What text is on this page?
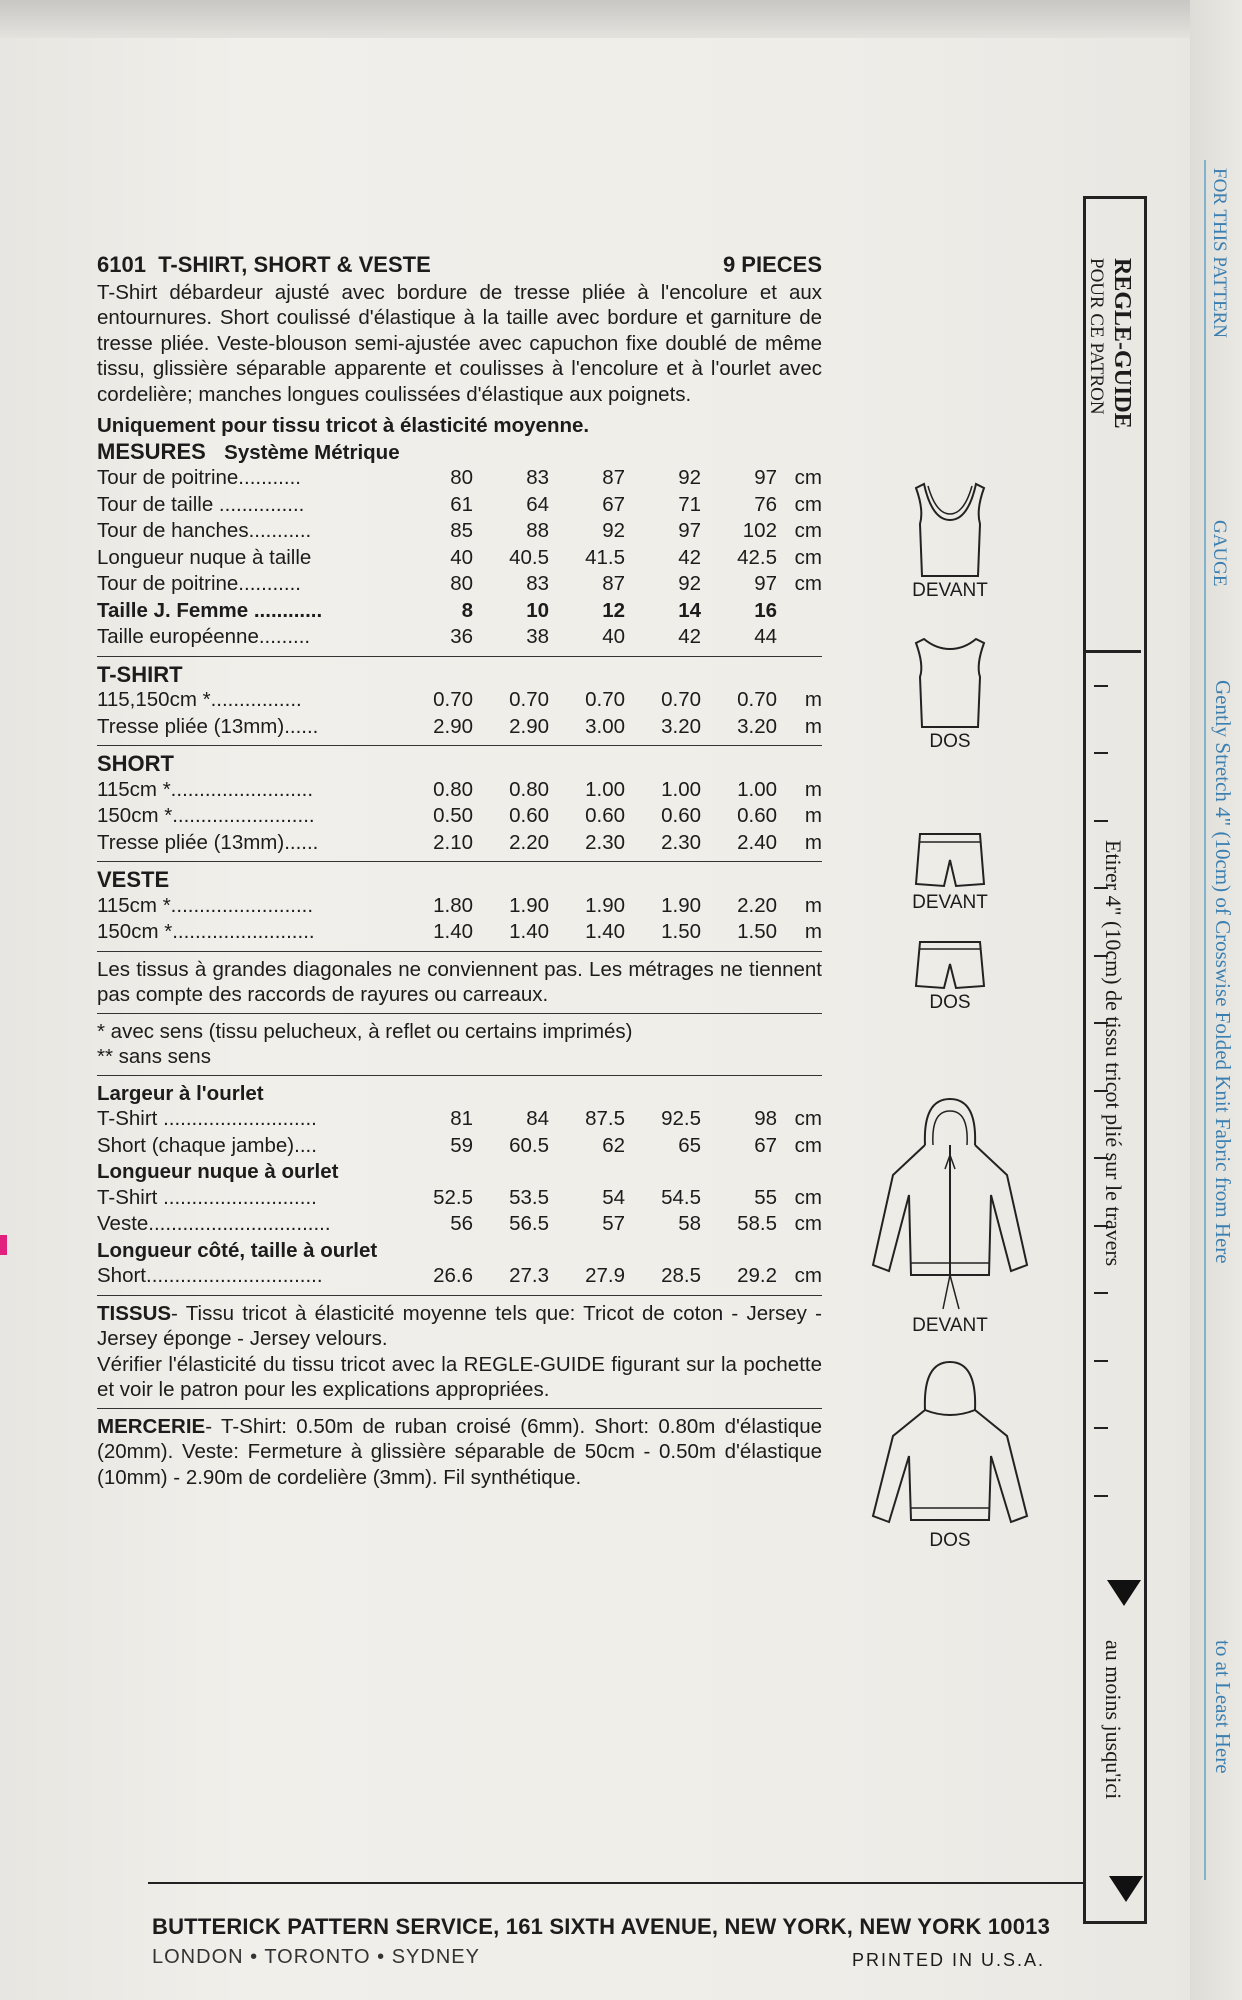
6101 T-SHIRT, SHORT & VESTE	9 PIECES
T-Shirt débardeur ajusté avec bordure de tresse pliée à l'encolure et aux entournures. Short coulissé d'élastique à la taille avec bordure et garniture de tresse pliée. Veste-blouson semi-ajustée avec capuchon fixe doublé de même tissu, glissière séparable apparente et coulisses à l'encolure et à l'ourlet avec cordelière; manches longues coulissées d'élastique aux poignets.
Uniquement pour tissu tricot à élasticité moyenne.
MESURES Système Métrique
Tour de poitrine...........	80	83	87	92	97 cm
Tour de taille ...............	61	64	67	71	76 cm
Tour de hanches...........	85	88	92	97	102 cm
Longueur nuque à taille	40	40.5	41.5	42	42.5 cm
Tour de poitrine...........	80	83	87	92	97 cm
Taille J. Femme ............	8	10	12	14	16
Taille européenne.........	36	38	40	42	44
T-SHIRT
115,150cm *................	0.70	0.70	0.70	0.70	0.70	m
Tresse pliée (13mm)......	2.90	2.90	3.00	3.20	3.20	m
SHORT
115cm *.........................	0.80	0.80	1.00	1.00	1.00	m
150cm *.........................	0.50	0.60	0.60	0.60	0.60	m
Tresse pliée (13mm)......	2.10	2.20	2.30	2.30	2.40	m
VESTE
115cm *.........................	1.80	1.90	1.90	1.90	2.20	m
150cm *.........................	1.40	1.40	1.40	1.50	1.50	m
Les tissus à grandes diagonales ne conviennent pas. Les métrages ne tiennent pas compte des raccords de rayures ou carreaux.
* avec sens (tissu pelucheux, à reflet ou certains imprimés)
** sans sens
Largeur à l'ourlet
T-Shirt ...........................	81	84	87.5	92.5	98 cm
Short (chaque jambe)....	59	60.5	62	65	67 cm
Longueur nuque à ourlet
T-Shirt ...........................	52.5	53.5	54	54.5	55 cm
Veste................................	56	56.5	57	58	58.5 cm
Longueur côté, taille à ourlet
Short...............................	26.6	27.3	27.9	28.5	29.2 cm
TISSUS- Tissu tricot à élasticité moyenne tels que: Tricot de coton - Jersey - Jersey éponge - Jersey velours.
Vérifier l'élasticité du tissu tricot avec la REGLE-GUIDE figurant sur la pochette et voir le patron pour les explications appropriées.
MERCERIE- T-Shirt: 0.50m de ruban croisé (6mm). Short: 0.80m d'élastique (20mm). Veste: Fermeture à glissière séparable de 50cm - 0.50m d'élastique (10mm) - 2.90m de cordelière (3mm). Fil synthétique.
DEVANT
DOS
DEVANT
DOS
DEVANT
DOS
REGLE-GUIDE
POUR CE PATRON
Etirer 4" (10cm) de tissu tricot plié sur le travers
au moins jusqu'ici
FOR THIS PATTERN
GAUGE
Gently Stretch 4" (10cm) of Crosswise Folded Knit Fabric from Here
to at Least Here
BUTTERICK PATTERN SERVICE, 161 SIXTH AVENUE, NEW YORK, NEW YORK 10013
LONDON • TORONTO • SYDNEY	PRINTED IN U.S.A.
